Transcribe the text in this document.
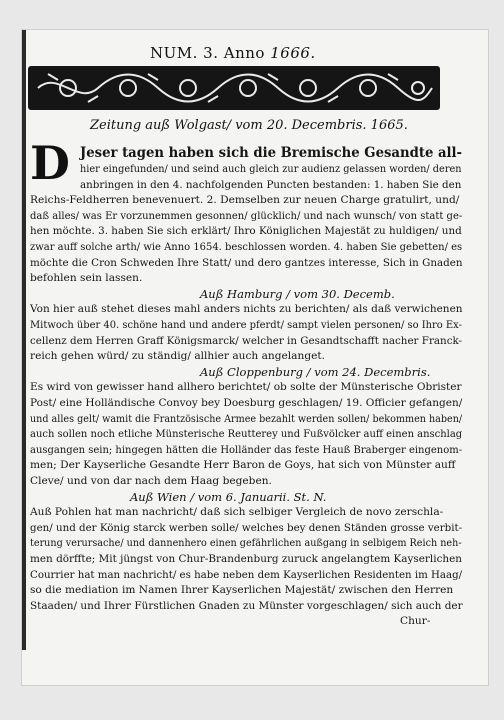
NUM. 3. Anno 1666.
Zeitung auß Wolgast/ vom 20. Decembris. 1665.
D Jeser tagen haben sich die Bremische Gesandte all-
hier eingefunden/ und seind auch gleich zur audienz gelassen worden/ deren
anbringen in den 4. nachfolgenden Puncten bestanden: 1. haben Sie den
Reichs-Feldherren benevenuert. 2. Demselben zur neuen Charge gratulirt, und/
daß alles/ was Er vorzunemmen gesonnen/ glücklich/ und nach wunsch/ von statt ge-
hen möchte. 3. haben Sie sich erklärt/ Ihro Königlichen Majestät zu huldigen/ und
zwar auff solche arth/ wie Anno 1654. beschlossen worden. 4. haben Sie gebetten/ es
möchte die Cron Schweden Ihre Statt/ und dero gantzes interesse, Sich in Gnaden
befohlen sein lassen.
Auß Hamburg / vom 30. Decemb.
Von hier auß stehet dieses mahl anders nichts zu berichten/ als daß verwichenen
Mitwoch über 40. schöne hand und andere pferdt/ sampt vielen personen/ so Ihro Ex-
cellenz dem Herren Graff Königsmarck/ welcher in Gesandtschafft nacher Franck-
reich gehen würd/ zu ständig/ allhier auch angelanget.
Auß Cloppenburg / vom 24. Decembris.
Es wird von gewisser hand allhero berichtet/ ob solte der Münsterische Obrister
Post/ eine Holländische Convoy bey Doesburg geschlagen/ 19. Officier gefangen/
und alles gelt/ wamit die Frantzösische Armee bezahlt werden sollen/ bekommen haben/
auch sollen noch etliche Münsterische Reutterey und Fußvölcker auff einen anschlag
ausgangen sein; hingegen hätten die Holländer das feste Hauß Braberger eingenom-
men; Der Kayserliche Gesandte Herr Baron de Goys, hat sich von Münster auff
Cleve/ und von dar nach dem Haag begeben.
Auß Wien / vom 6. Januarii. St. N.
Auß Pohlen hat man nachricht/ daß sich selbiger Vergleich de novo zerschla-
gen/ und der König starck werben solle/ welches bey denen Ständen grosse verbit-
terung verursache/ und dannenhero einen gefährlichen außgang in selbigem Reich neh-
men dörffte; Mit jüngst von Chur-Brandenburg zuruck angelangtem Kayserlichen
Courrier hat man nachricht/ es habe neben dem Kayserlichen Residenten im Haag/
so die mediation im Namen Ihrer Kayserlichen Majestät/ zwischen den Herren
Staaden/ und Ihrer Fürstlichen Gnaden zu Münster vorgeschlagen/ sich auch der
Chur-
